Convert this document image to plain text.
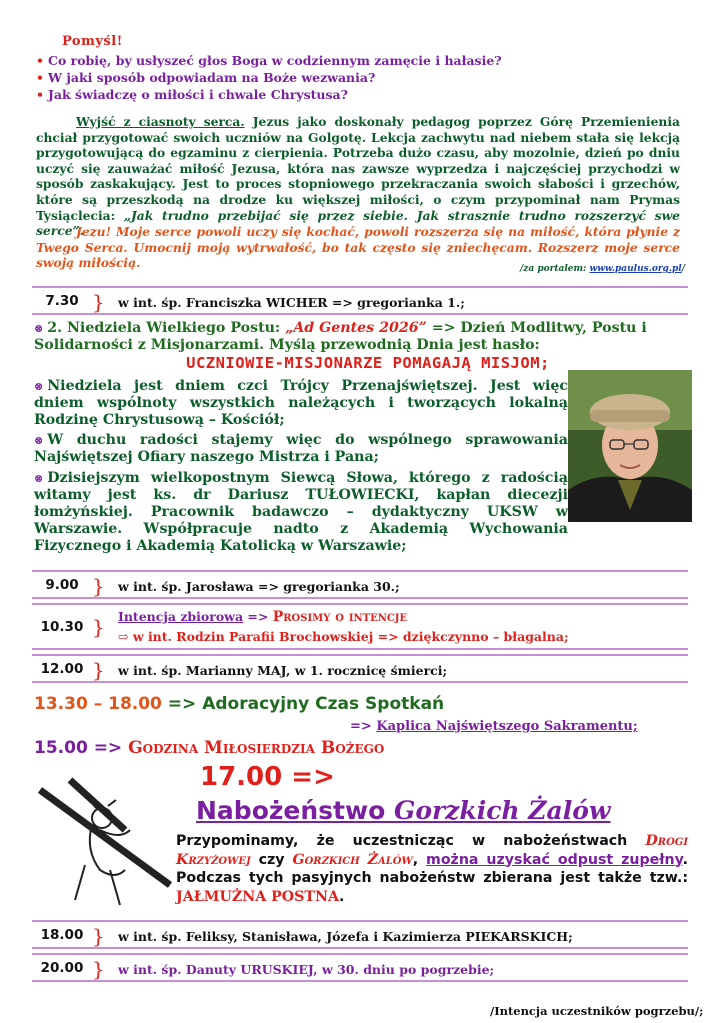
Pomyśl!
• Co robię, by usłyszeć głos Boga w codziennym zamęcie i hałasie?
• W jaki sposób odpowiadam na Boże wezwania?
• Jak świadczę o miłości i chwale Chrystusa?
Wyjść z ciasnoty serca. Jezus jako doskonały pedagog poprzez Górę Przemienienia chciał przygotować swoich uczniów na Golgotę. Lekcja zachwytu nad niebem stała się lekcją przygotowującą do egzaminu z cierpienia. Potrzeba dużo czasu, aby mozolnie, dzień po dniu uczyć się zauważać miłość Jezusa, która nas zawsze wyprzedza i najczęściej przychodzi w sposób zaskakujący. Jest to proces stopniowego przekraczania swoich słabości i grzechów, które są przeszkodą na drodze ku większej miłości, o czym przypominał nam Prymas Tysiąclecia: „Jak trudno przebijać się przez siebie. Jak strasznie trudno rozszerzyć swe serce”.
Jezu! Moje serce powoli uczy się kochać, powoli rozszerza się na miłość, która płynie z Twego Serca. Umocnij moją wytrwałość, bo tak często się zniechęcam. Rozszerz moje serce swoją miłością.	/za portalem: www.paulus.org.pl/
7.30 } w int. śp. Franciszka WICHER => gregorianka 1.;
⊗ 2. Niedziela Wielkiego Postu: „Ad Gentes 2026” => Dzień Modlitwy, Postu i Solidarności z Misjonarzami. Myślą przewodnią Dnia jest hasło:
UCZNIOWIE-MISJONARZE POMAGAJĄ MISJOM;
⊗ Niedziela jest dniem czci Trójcy Przenajświętszej. Jest więc dniem wspólnoty wszystkich należących i tworzących lokalną Rodzinę Chrystusową – Kościół;
⊗ W duchu radości stajemy więc do wspólnego sprawowania Najświętszej Ofiary naszego Mistrza i Pana;
⊗ Dzisiejszym wielkopostnym Siewcą Słowa, którego z radością witamy jest ks. dr Dariusz TUŁOWIECKI, kapłan diecezji łomżyńskiej. Pracownik badawczo – dydaktyczny UKSW w Warszawie. Współpracuje nadto z Akademią Wychowania Fizycznego i Akademią Katolicką w Warszawie;
9.00 } w int. śp. Jarosława => gregorianka 30.;
10.30 } Intencja zbiorowa => Prosimy o intencje
⇨ w int. Rodzin Parafii Brochowskiej => dziękczynno – błagalna;
12.00 } w int. śp. Marianny MAJ, w 1. rocznicę śmierci;
13.30 – 18.00 => Adoracyjny Czas Spotkań
=> Kaplica Najświętszego Sakramentu;
15.00 => Godzina Miłosierdzia Bożego
17.00 =>
Nabożeństwo Gorzkich Żalów
Przypominamy, że uczestnicząc w nabożeństwach Drogi Krzyżowej czy Gorzkich Żalów, można uzyskać odpust zupełny. Podczas tych pasyjnych nabożeństw zbierana jest także tzw.: JAŁMUŻNA POSTNA.
18.00 } w int. śp. Feliksy, Stanisława, Józefa i Kazimierza PIEKARSKICH;
20.00 } w int. śp. Danuty URUSKIEJ, w 30. dniu po pogrzebie;
/Intencja uczestników pogrzebu/;
